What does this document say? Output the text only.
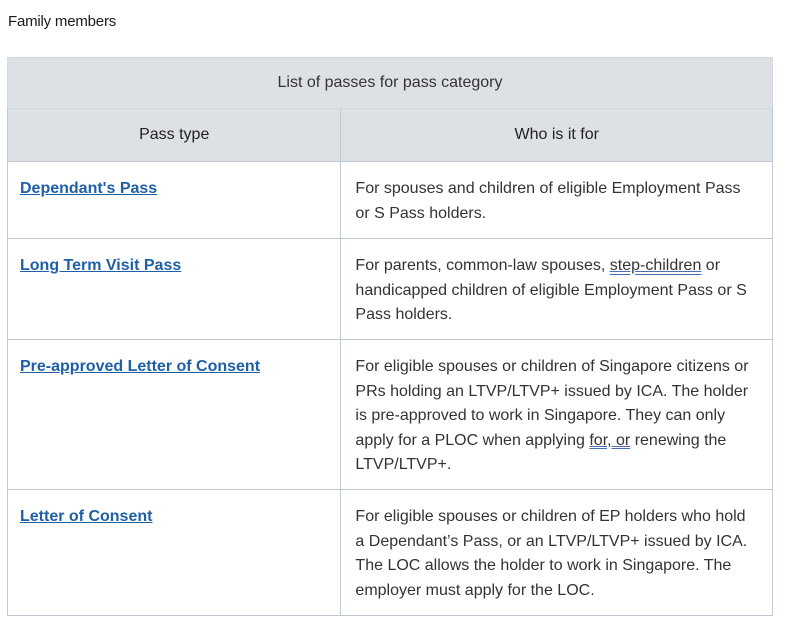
Family members
List of passes for pass category	
Pass type	Who is it for
Dependant's Pass	For spouses and children of eligible Employment Pass or S Pass holders.
Long Term Visit Pass	For parents, common-law spouses, step-children or handicapped children of eligible Employment Pass or S Pass holders.
Pre-approved Letter of Consent	For eligible spouses or children of Singapore citizens or PRs holding an LTVP/LTVP+ issued by ICA. The holder is pre-approved to work in Singapore. They can only apply for a PLOC when applying for, or renewing the LTVP/LTVP+.
Letter of Consent	For eligible spouses or children of EP holders who hold a Dependant’s Pass, or an LTVP/LTVP+ issued by ICA. The LOC allows the holder to work in Singapore. The employer must apply for the LOC.
